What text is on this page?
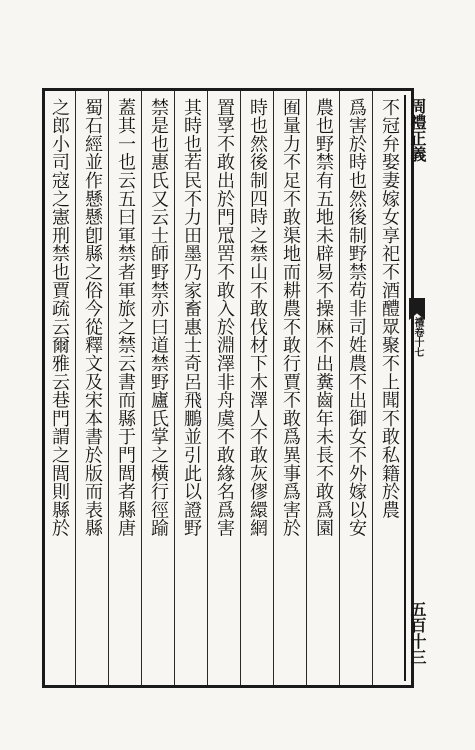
周禮正義 禮卷十七 五百十三
不冠弁娶妻嫁女享祀不酒醴眾聚不上聞不敢私籍於農
爲害於時也然後制野禁苟非司姓農不出御女不外嫁以安
農也野禁有五地未辟易不操麻不出糞齒年未長不敢爲園
囿量力不足不敢渠地而耕農不敢行賈不敢爲異事爲害於
時也然後制四時之禁山不敢伐材下木澤人不敢灰僇繯網
置罦不敢出於門罛罟不敢入於淵澤非舟虞不敢緣名爲害
其時也若民不力田墨乃家畜惠士奇呂飛鵬並引此以證野
禁是也惠氏又云士師野禁亦曰道禁野廬氏掌之橫行徑踰
蓋其一也云五曰軍禁者軍旅之禁云書而縣于門閭者縣唐
蜀石經並作懸懸卽縣之俗今從釋文及宋本書於版而表縣
之郎小司寇之憲刑禁也賈疏云爾雅云巷門謂之閭則縣於
